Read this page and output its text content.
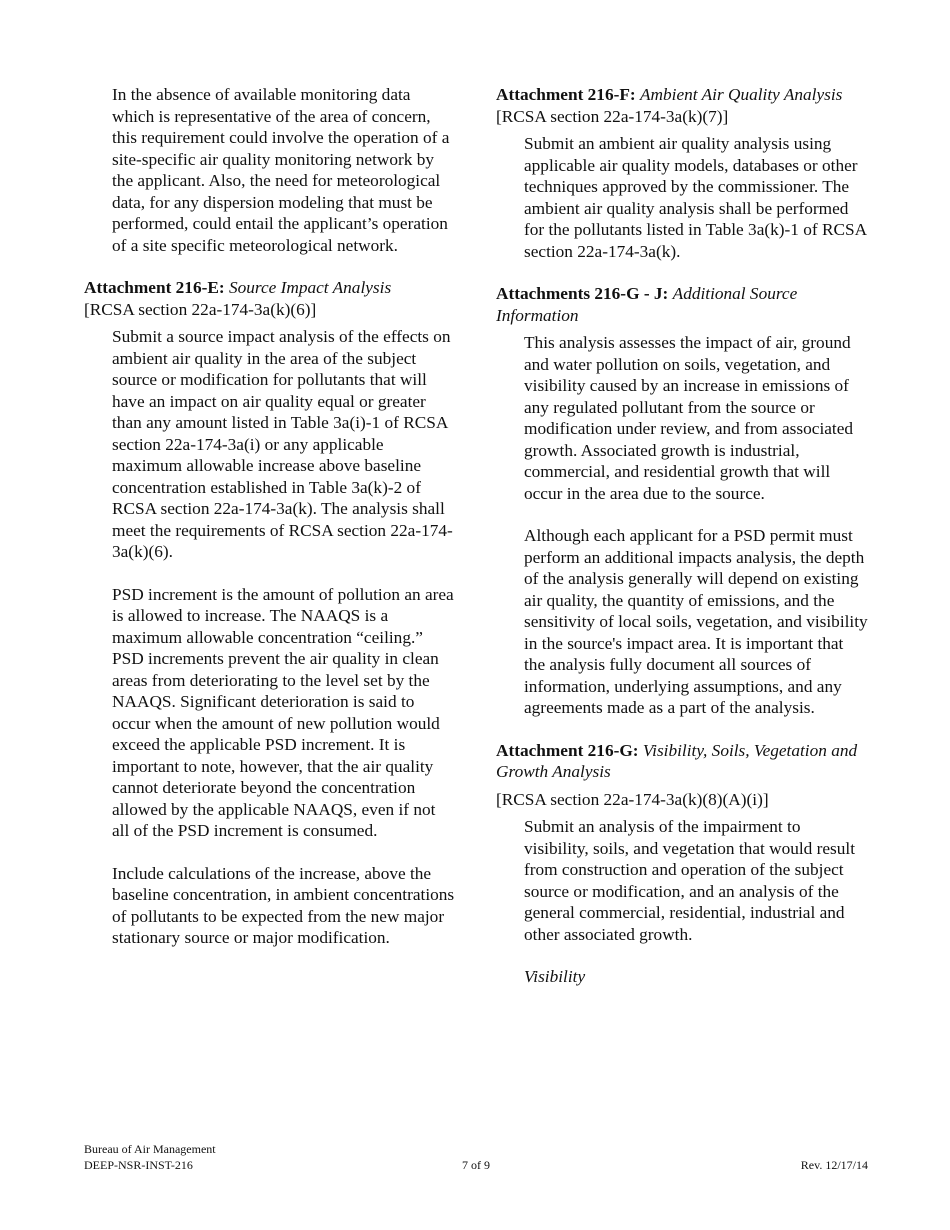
In the absence of available monitoring data which is representative of the area of concern, this requirement could involve the operation of a site-specific air quality monitoring network by the applicant. Also, the need for meteorological data, for any dispersion modeling that must be performed, could entail the applicant’s operation of a site specific meteorological network.

Attachment 216-E: Source Impact Analysis

[RCSA section 22a-174-3a(k)(6)]

Submit a source impact analysis of the effects on ambient air quality in the area of the subject source or modification for pollutants that will have an impact on air quality equal or greater than any amount listed in Table 3a(i)-1 of RCSA section 22a-174-3a(i) or any applicable maximum allowable increase above baseline concentration established in Table 3a(k)-2 of RCSA section 22a-174-3a(k). The analysis shall meet the requirements of RCSA section 22a-174-3a(k)(6).

PSD increment is the amount of pollution an area is allowed to increase. The NAAQS is a maximum allowable concentration “ceiling.” PSD increments prevent the air quality in clean areas from deteriorating to the level set by the NAAQS. Significant deterioration is said to occur when the amount of new pollution would exceed the applicable PSD increment. It is important to note, however, that the air quality cannot deteriorate beyond the concentration allowed by the applicable NAAQS, even if not all of the PSD increment is consumed.

Include calculations of the increase, above the baseline concentration, in ambient concentrations of pollutants to be expected from the new major stationary source or major modification.

Attachment 216-F: Ambient Air Quality Analysis

[RCSA section 22a-174-3a(k)(7)]

Submit an ambient air quality analysis using applicable air quality models, databases or other techniques approved by the commissioner. The ambient air quality analysis shall be performed for the pollutants listed in Table 3a(k)-1 of RCSA section 22a-174-3a(k).

Attachments 216-G - J: Additional Source Information

This analysis assesses the impact of air, ground and water pollution on soils, vegetation, and visibility caused by an increase in emissions of any regulated pollutant from the source or modification under review, and from associated growth. Associated growth is industrial, commercial, and residential growth that will occur in the area due to the source.

Although each applicant for a PSD permit must perform an additional impacts analysis, the depth of the analysis generally will depend on existing air quality, the quantity of emissions, and the sensitivity of local soils, vegetation, and visibility in the source's impact area. It is important that the analysis fully document all sources of information, underlying assumptions, and any agreements made as a part of the analysis.

Attachment 216-G: Visibility, Soils, Vegetation and Growth Analysis

[RCSA section 22a-174-3a(k)(8)(A)(i)]

Submit an analysis of the impairment to visibility, soils, and vegetation that would result from construction and operation of the subject source or modification, and an analysis of the general commercial, residential, industrial and other associated growth.

Visibility

Bureau of Air Management
DEEP-NSR-INST-216	7 of 9	Rev. 12/17/14
